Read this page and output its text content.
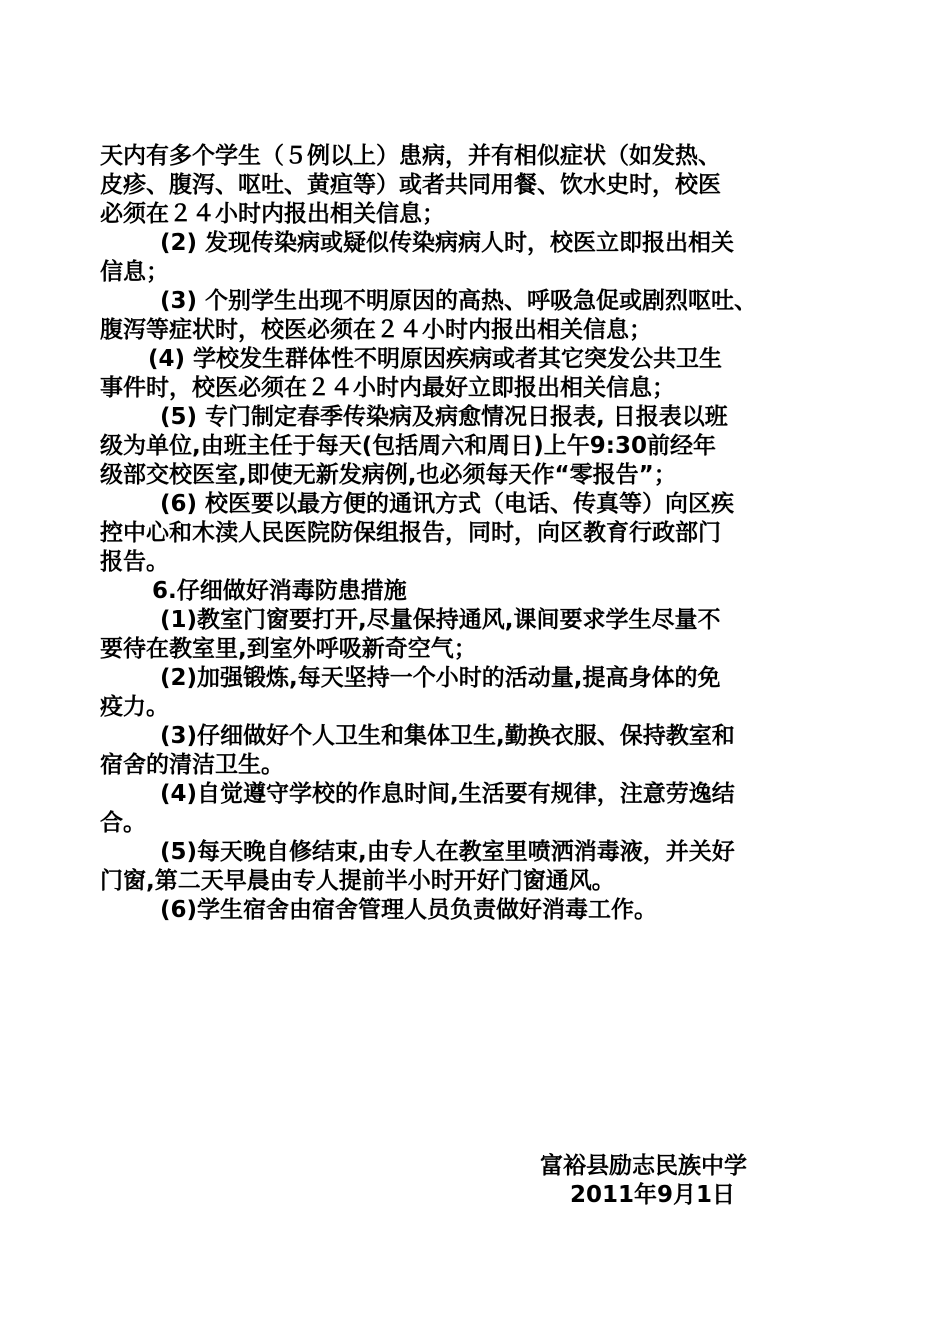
天内有多个学生（５例以上）患病，并有相似症状（如发热、
皮疹、腹泻、呕吐、黄疸等）或者共同用餐、饮水史时，校医
必须在２４小时内报出相关信息；
(2) 发现传染病或疑似传染病病人时，校医立即报出相关
信息；
(3) 个别学生出现不明原因的高热、呼吸急促或剧烈呕吐、
腹泻等症状时，校医必须在２４小时内报出相关信息；
(4) 学校发生群体性不明原因疾病或者其它突发公共卫生
事件时，校医必须在２４小时内最好立即报出相关信息；
(5) 专门制定春季传染病及病愈情况日报表, 日报表以班
级为单位,由班主任于每天(包括周六和周日)上午9:30前经年
级部交校医室,即使无新发病例,也必须每天作“零报告”；
(6) 校医要以最方便的通讯方式（电话、传真等）向区疾
控中心和木渎人民医院防保组报告，同时，向区教育行政部门
报告。
6.仔细做好消毒防患措施
(1)教室门窗要打开,尽量保持通风,课间要求学生尽量不
要待在教室里,到室外呼吸新奇空气；
(2)加强锻炼,每天坚持一个小时的活动量,提高身体的免
疫力。
(3)仔细做好个人卫生和集体卫生,勤换衣服、保持教室和
宿舍的清洁卫生。
(4)自觉遵守学校的作息时间,生活要有规律，注意劳逸结
合。
(5)每天晚自修结束,由专人在教室里喷洒消毒液，并关好
门窗,第二天早晨由专人提前半小时开好门窗通风。
(6)学生宿舍由宿舍管理人员负责做好消毒工作。
富裕县励志民族中学
2011年9月1日
